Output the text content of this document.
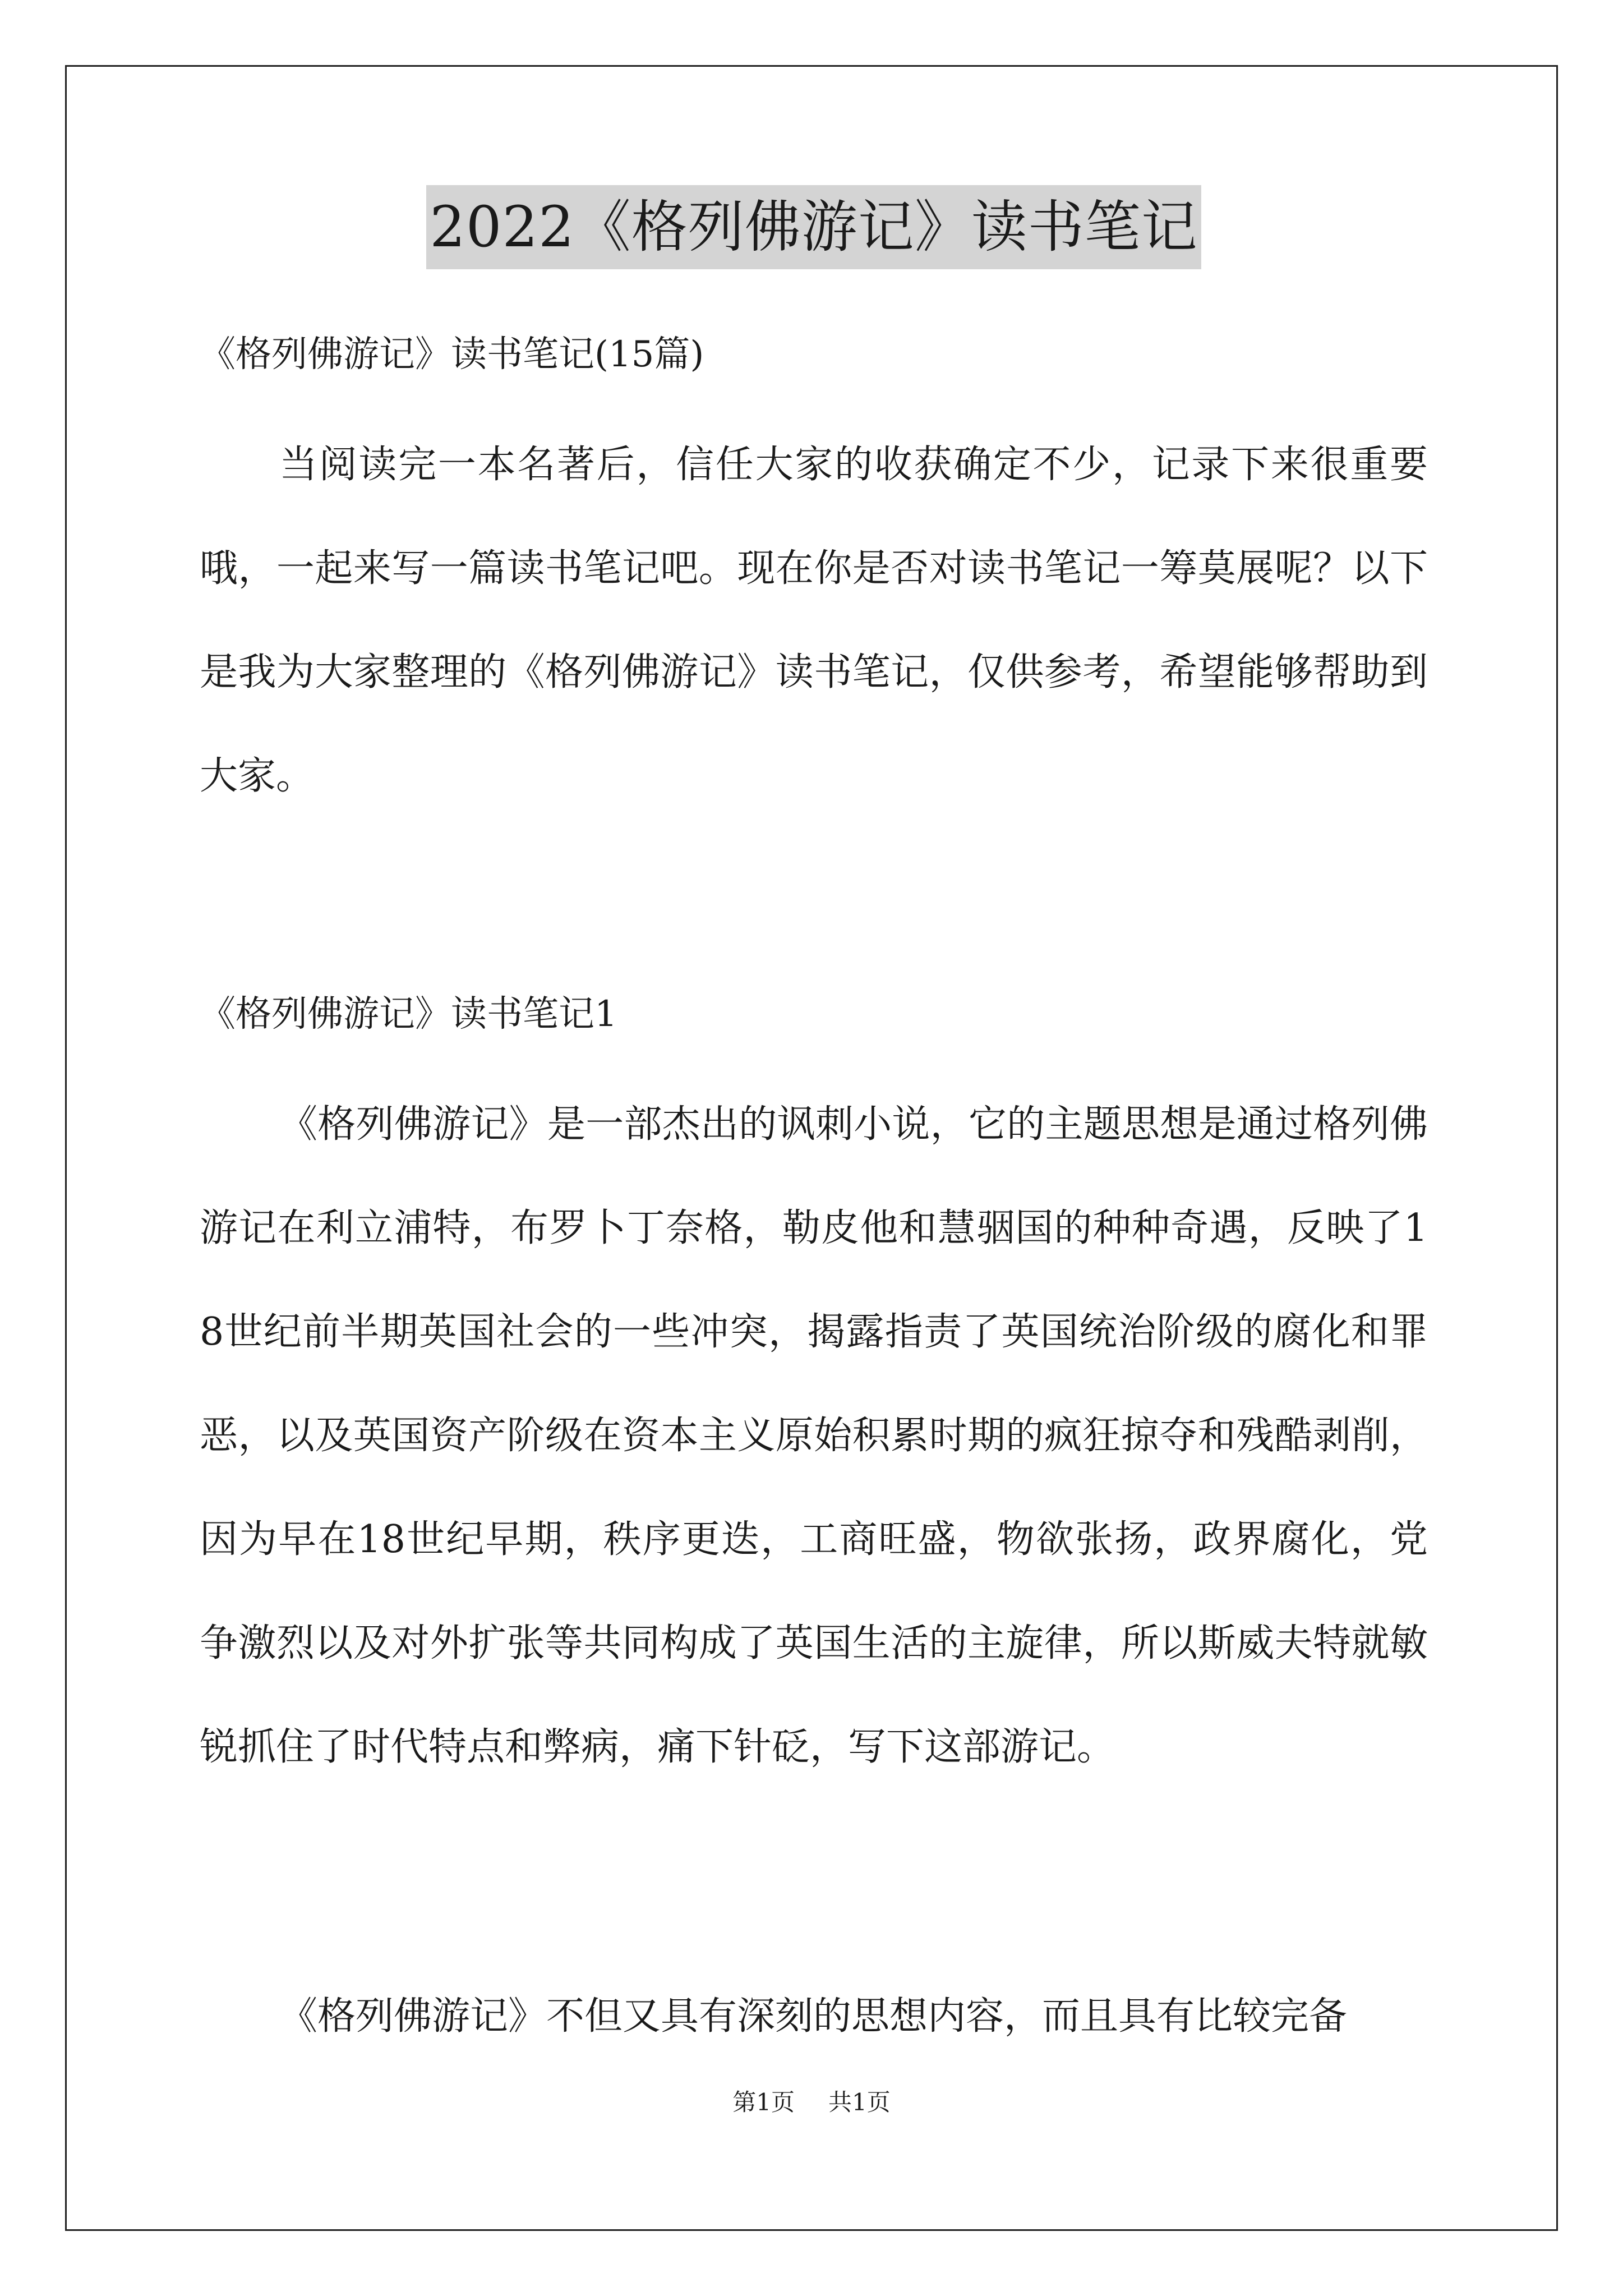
2022《格列佛游记》读书笔记

《格列佛游记》读书笔记(15篇)

当阅读完一本名著后，信任大家的收获确定不少，记录下来很重要哦，一起来写一篇读书笔记吧。现在你是否对读书笔记一筹莫展呢？以下是我为大家整理的《格列佛游记》读书笔记，仅供参考，希望能够帮助到大家。

《格列佛游记》读书笔记1

《格列佛游记》是一部杰出的讽刺小说，它的主题思想是通过格列佛游记在利立浦特，布罗卜丁奈格，勒皮他和慧骃国的种种奇遇，反映了18世纪前半期英国社会的一些冲突，揭露指责了英国统治阶级的腐化和罪恶，以及英国资产阶级在资本主义原始积累时期的疯狂掠夺和残酷剥削，因为早在18世纪早期，秩序更迭，工商旺盛，物欲张扬，政界腐化，党争激烈以及对外扩张等共同构成了英国生活的主旋律，所以斯威夫特就敏锐抓住了时代特点和弊病，痛下针砭，写下这部游记。

《格列佛游记》不但又具有深刻的思想内容，而且具有比较完备

第1页 共1页
